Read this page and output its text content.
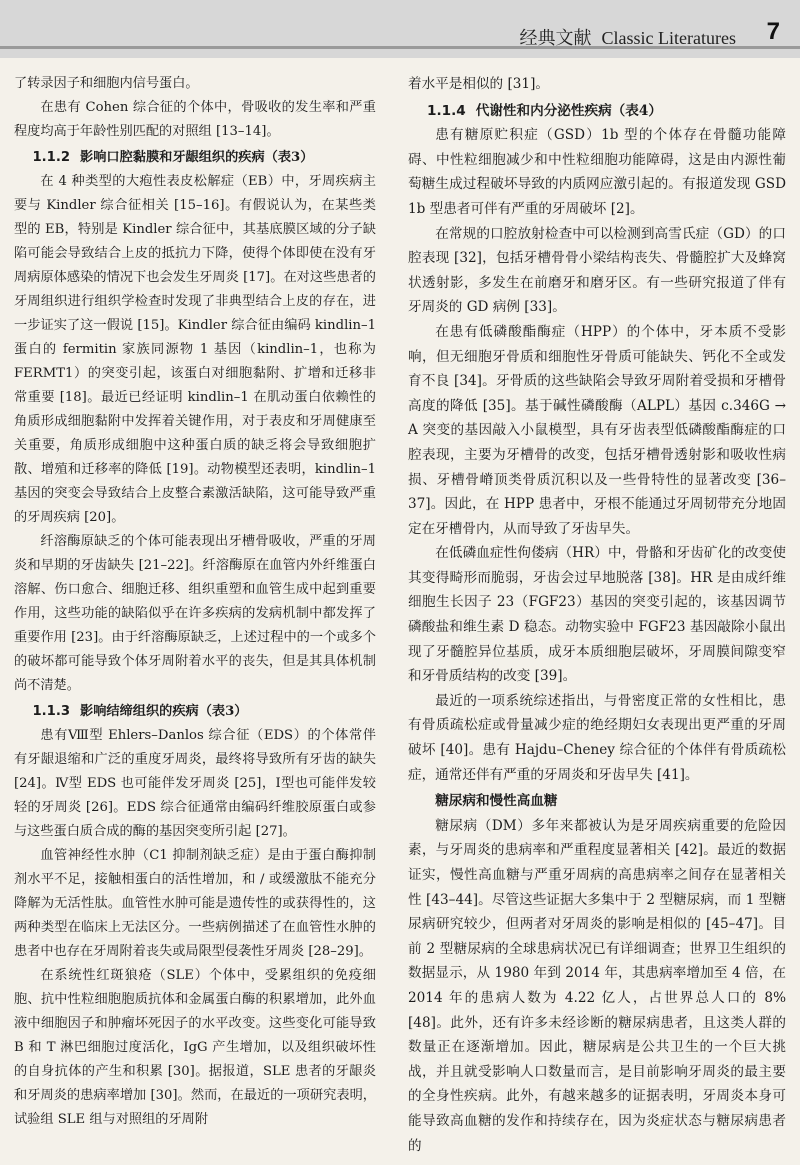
经典文献 Classic Literatures 7

了转录因子和细胞内信号蛋白。

在患有 Cohen 综合征的个体中，骨吸收的发生率和严重程度均高于年龄性别匹配的对照组 [13–14]。

1.1.2 影响口腔黏膜和牙龈组织的疾病（表3）

在 4 种类型的大疱性表皮松解症（EB）中，牙周疾病主要与 Kindler 综合征相关 [15–16]。有假说认为，在某些类型的 EB，特别是 Kindler 综合征中，其基底膜区域的分子缺陷可能会导致结合上皮的抵抗力下降，使得个体即使在没有牙周病原体感染的情况下也会发生牙周炎 [17]。在对这些患者的牙周组织进行组织学检查时发现了非典型结合上皮的存在，进一步证实了这一假说 [15]。Kindler 综合征由编码 kindlin–1 蛋白的 fermitin 家族同源物 1 基因（kindlin–1，也称为 FERMT1）的突变引起，该蛋白对细胞黏附、扩增和迁移非常重要 [18]。最近已经证明 kindlin–1 在肌动蛋白依赖性的角质形成细胞黏附中发挥着关键作用，对于表皮和牙周健康至关重要，角质形成细胞中这种蛋白质的缺乏将会导致细胞扩散、增殖和迁移率的降低 [19]。动物模型还表明，kindlin–1 基因的突变会导致结合上皮整合素激活缺陷，这可能导致严重的牙周疾病 [20]。

纤溶酶原缺乏的个体可能表现出牙槽骨吸收，严重的牙周炎和早期的牙齿缺失 [21–22]。纤溶酶原在血管内外纤维蛋白溶解、伤口愈合、细胞迁移、组织重塑和血管生成中起到重要作用，这些功能的缺陷似乎在许多疾病的发病机制中都发挥了重要作用 [23]。由于纤溶酶原缺乏，上述过程中的一个或多个的破坏都可能导致个体牙周附着水平的丧失，但是其具体机制尚不清楚。

1.1.3 影响结缔组织的疾病（表3）

患有Ⅷ型 Ehlers–Danlos 综合征（EDS）的个体常伴有牙龈退缩和广泛的重度牙周炎，最终将导致所有牙齿的缺失 [24]。Ⅳ型 EDS 也可能伴发牙周炎 [25]，Ⅰ型也可能伴发较轻的牙周炎 [26]。EDS 综合征通常由编码纤维胶原蛋白或参与这些蛋白质合成的酶的基因突变所引起 [27]。

血管神经性水肿（C1 抑制剂缺乏症）是由于蛋白酶抑制剂水平不足，接触相蛋白的活性增加，和 / 或缓激肽不能充分降解为无活性肽。血管性水肿可能是遗传性的或获得性的，这两种类型在临床上无法区分。一些病例描述了在血管性水肿的患者中也存在牙周附着丧失或局限型侵袭性牙周炎 [28–29]。

在系统性红斑狼疮（SLE）个体中，受累组织的免疫细胞、抗中性粒细胞胞质抗体和金属蛋白酶的积累增加，此外血液中细胞因子和肿瘤坏死因子的水平改变。这些变化可能导致 B 和 T 淋巴细胞过度活化，IgG 产生增加，以及组织破坏性的自身抗体的产生和积累 [30]。据报道，SLE 患者的牙龈炎和牙周炎的患病率增加 [30]。然而，在最近的一项研究表明，试验组 SLE 组与对照组的牙周附

着水平是相似的 [31]。

1.1.4 代谢性和内分泌性疾病（表4）

患有糖原贮积症（GSD）1b 型的个体存在骨髓功能障碍、中性粒细胞减少和中性粒细胞功能障碍，这是由内源性葡萄糖生成过程破坏导致的内质网应激引起的。有报道发现 GSD 1b 型患者可伴有严重的牙周破坏 [2]。

在常规的口腔放射检查中可以检测到高雪氏症（GD）的口腔表现 [32]，包括牙槽骨骨小梁结构丧失、骨髓腔扩大及蜂窝状透射影，多发生在前磨牙和磨牙区。有一些研究报道了伴有牙周炎的 GD 病例 [33]。

在患有低磷酸酯酶症（HPP）的个体中，牙本质不受影响，但无细胞牙骨质和细胞性牙骨质可能缺失、钙化不全或发育不良 [34]。牙骨质的这些缺陷会导致牙周附着受损和牙槽骨高度的降低 [35]。基于碱性磷酸酶（ALPL）基因 c.346G → A 突变的基因敲入小鼠模型，具有牙齿表型低磷酸酯酶症的口腔表现，主要为牙槽骨的改变，包括牙槽骨透射影和吸收性病损、牙槽骨嵴顶类骨质沉积以及一些骨特性的显著改变 [36–37]。因此，在 HPP 患者中，牙根不能通过牙周韧带充分地固定在牙槽骨内，从而导致了牙齿早失。

在低磷血症性佝偻病（HR）中，骨骼和牙齿矿化的改变使其变得畸形而脆弱，牙齿会过早地脱落 [38]。HR 是由成纤维细胞生长因子 23（FGF23）基因的突变引起的，该基因调节磷酸盐和维生素 D 稳态。动物实验中 FGF23 基因敲除小鼠出现了牙髓腔异位基质，成牙本质细胞层破坏，牙周膜间隙变窄和牙骨质结构的改变 [39]。

最近的一项系统综述指出，与骨密度正常的女性相比，患有骨质疏松症或骨量减少症的绝经期妇女表现出更严重的牙周破坏 [40]。患有 Hajdu–Cheney 综合征的个体伴有骨质疏松症，通常还伴有严重的牙周炎和牙齿早失 [41]。

糖尿病和慢性高血糖

糖尿病（DM）多年来都被认为是牙周疾病重要的危险因素，与牙周炎的患病率和严重程度显著相关 [42]。最近的数据证实，慢性高血糖与严重牙周病的高患病率之间存在显著相关性 [43–44]。尽管这些证据大多集中于 2 型糖尿病，而 1 型糖尿病研究较少，但两者对牙周炎的影响是相似的 [45–47]。目前 2 型糖尿病的全球患病状况已有详细调查；世界卫生组织的数据显示，从 1980 年到 2014 年，其患病率增加至 4 倍，在 2014 年的患病人数为 4.22 亿人，占世界总人口的 8% [48]。此外，还有许多未经诊断的糖尿病患者，且这类人群的数量正在逐渐增加。因此，糖尿病是公共卫生的一个巨大挑战，并且就受影响人口数量而言，是目前影响牙周炎的最主要的全身性疾病。此外，有越来越多的证据表明，牙周炎本身可能导致高血糖的发作和持续存在，因为炎症状态与糖尿病患者的
